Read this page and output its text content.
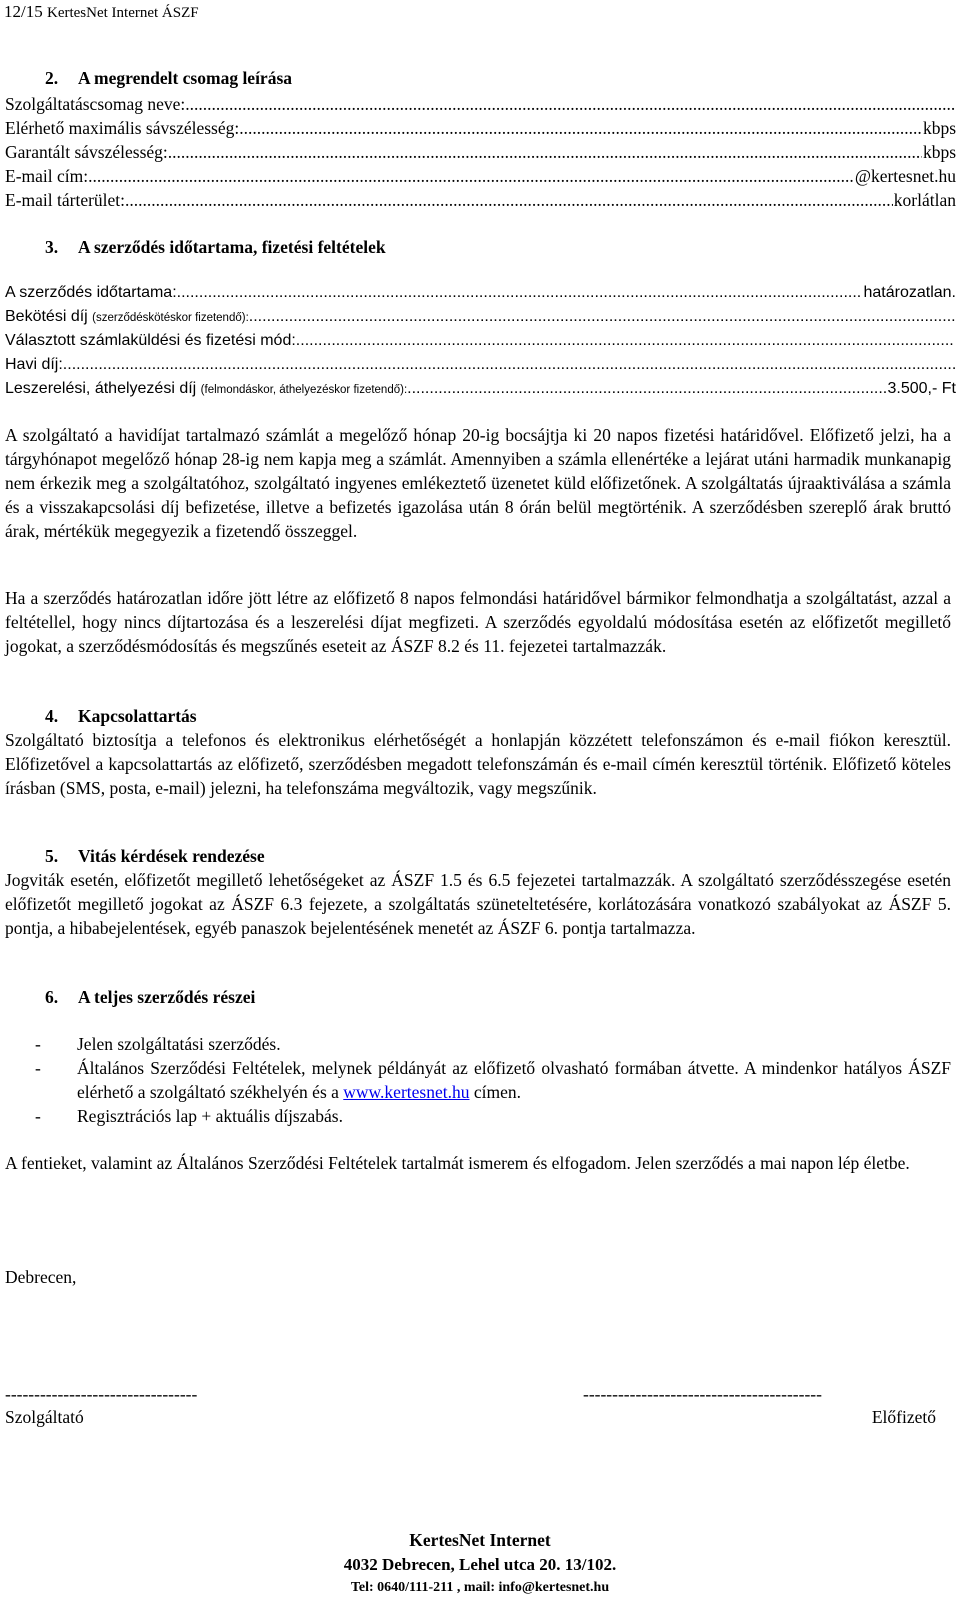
12/15 KertesNet Internet ÁSZF
2. A megrendelt csomag leírása
Szolgáltatáscsomag neve:
.....
Elérhető maximális sávszélesség: .....	kbps
Garantált sávszélesség: .....	kbps
E-mail cím: .....	@kertesnet.hu
E-mail tárterület: .....	korlátlan
3. A szerződés időtartama, fizetési feltételek
A szerződés időtartama: .....	határozatlan.
Bekötési díj
(szerződéskötéskor fizetendő):
.....
Választott számlaküldési és fizetési mód:
.....
Havi díj:
.....
Leszerelési, áthelyezési díj
(felmondáskor, áthelyezéskor fizetendő): .....	3.500,- Ft
A szolgáltató a havidíjat tartalmazó számlát a megelőző hónap 20-ig bocsájtja ki 20 napos fizetési határidővel. Előfizető jelzi, ha a tárgyhónapot megelőző hónap 28-ig nem kapja meg a számlát. Amennyiben a számla ellenértéke a lejárat utáni harmadik munkanapig nem érkezik meg a szolgáltatóhoz, szolgáltató ingyenes emlékeztető üzenetet küld előfizetőnek. A szolgáltatás újraaktiválása a számla és a visszakapcsolási díj befizetése, illetve a befizetés igazolása után 8 órán belül megtörténik. A szerződésben szereplő árak bruttó árak, mértékük megegyezik a fizetendő összeggel.
Ha a szerződés határozatlan időre jött létre az előfizető 8 napos felmondási határidővel bármikor felmondhatja a szolgáltatást, azzal a feltétellel, hogy nincs díjtartozása és a leszerelési díjat megfizeti. A szerződés egyoldalú módosítása esetén az előfizetőt megillető jogokat, a szerződésmódosítás és megszűnés eseteit az ÁSZF 8.2 és 11. fejezetei tartalmazzák.
4. Kapcsolattartás
Szolgáltató biztosítja a telefonos és elektronikus elérhetőségét a honlapján közzétett telefonszámon és e-mail fiókon keresztül. Előfizetővel a kapcsolattartás az előfizető, szerződésben megadott telefonszámán és e-mail címén keresztül történik. Előfizető köteles írásban (SMS, posta, e-mail) jelezni, ha telefonszáma megváltozik, vagy megszűnik.
5. Vitás kérdések rendezése
Jogviták esetén, előfizetőt megillető lehetőségeket az ÁSZF 1.5 és 6.5 fejezetei tartalmazzák. A szolgáltató szerződésszegése esetén előfizetőt megillető jogokat az ÁSZF 6.3 fejezete, a szolgáltatás szüneteltetésére, korlátozására vonatkozó szabályokat az ÁSZF 5. pontja, a hibabejelentések, egyéb panaszok bejelentésének menetét az ÁSZF 6. pontja tartalmazza.
6. A teljes szerződés részei
- Jelen szolgáltatási szerződés.
- Általános Szerződési Feltételek, melynek példányát az előfizető olvasható formában átvette. A mindenkor hatályos ÁSZF elérhető a szolgáltató székhelyén és a www.kertesnet.hu címen.
- Regisztrációs lap + aktuális díjszabás.
A fentieket, valamint az Általános Szerződési Feltételek tartalmát ismerem és elfogadom. Jelen szerződés a mai napon lép életbe.
Debrecen,
---------------------------------
Szolgáltató
-----------------------------------------
Előfizető
KertesNet Internet
4032 Debrecen, Lehel utca 20. 13/102.
Tel: 0640/111-211 , mail: info@kertesnet.hu
